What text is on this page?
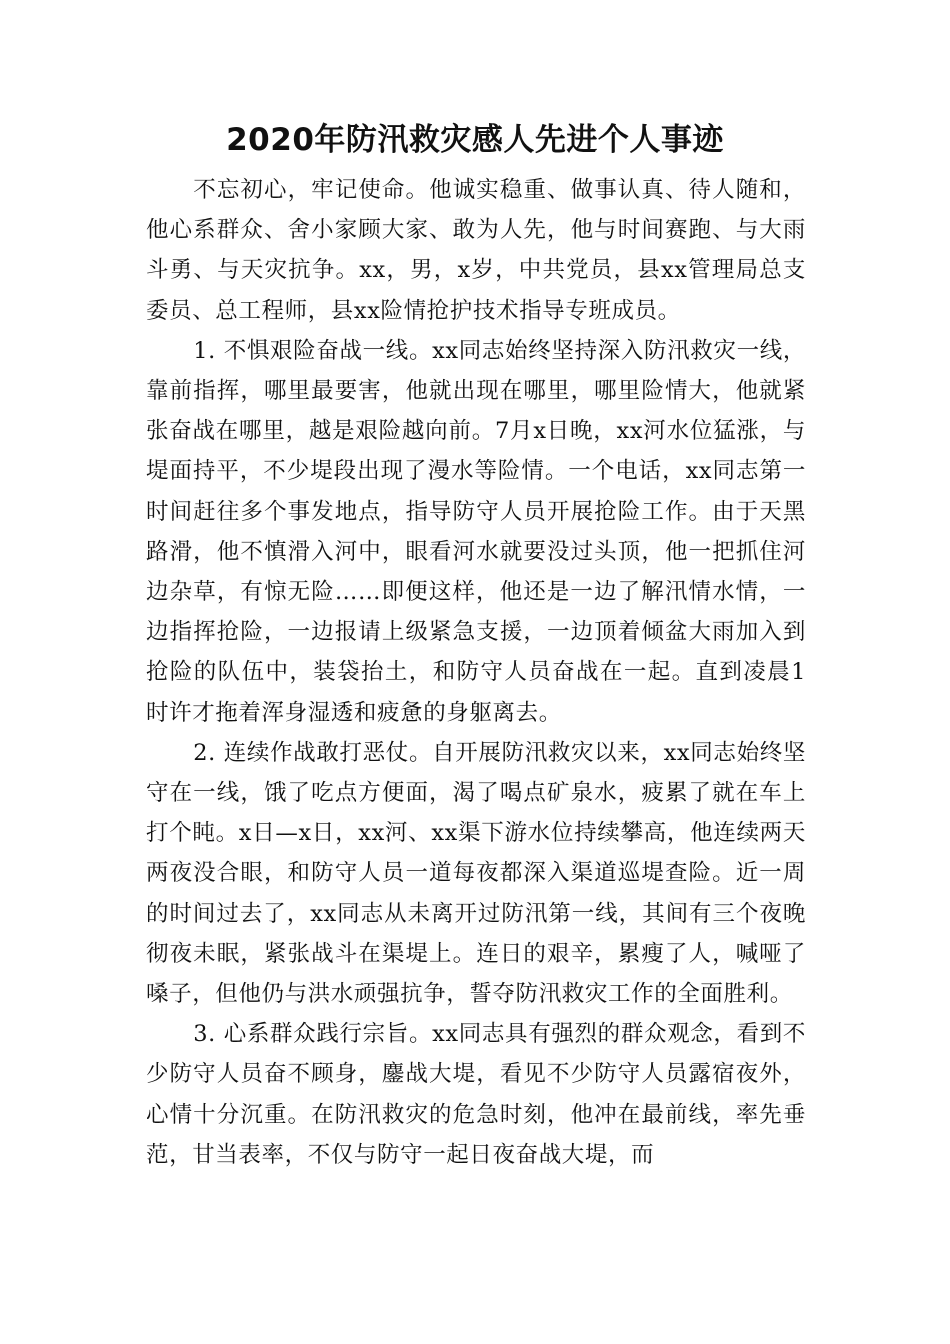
2020年防汛救灾感人先进个人事迹

不忘初心，牢记使命。他诚实稳重、做事认真、待人随和，他心系群众、舍小家顾大家、敢为人先，他与时间赛跑、与大雨斗勇、与天灾抗争。xx，男，x岁，中共党员，县xx管理局总支委员、总工程师，县xx险情抢护技术指导专班成员。

1. 不惧艰险奋战一线。xx同志始终坚持深入防汛救灾一线，靠前指挥，哪里最要害，他就出现在哪里，哪里险情大，他就紧张奋战在哪里，越是艰险越向前。7月x日晚，xx河水位猛涨，与堤面持平，不少堤段出现了漫水等险情。一个电话，xx同志第一时间赶往多个事发地点，指导防守人员开展抢险工作。由于天黑路滑，他不慎滑入河中，眼看河水就要没过头顶，他一把抓住河边杂草，有惊无险……即便这样，他还是一边了解汛情水情，一边指挥抢险，一边报请上级紧急支援，一边顶着倾盆大雨加入到抢险的队伍中，装袋抬土，和防守人员奋战在一起。直到凌晨1时许才拖着浑身湿透和疲惫的身躯离去。

2. 连续作战敢打恶仗。自开展防汛救灾以来，xx同志始终坚守在一线，饿了吃点方便面，渴了喝点矿泉水，疲累了就在车上打个盹。x日—x日，xx河、xx渠下游水位持续攀高，他连续两天两夜没合眼，和防守人员一道每夜都深入渠道巡堤查险。近一周的时间过去了，xx同志从未离开过防汛第一线，其间有三个夜晚彻夜未眠，紧张战斗在渠堤上。连日的艰辛，累瘦了人，喊哑了嗓子，但他仍与洪水顽强抗争，誓夺防汛救灾工作的全面胜利。

3. 心系群众践行宗旨。xx同志具有强烈的群众观念，看到不少防守人员奋不顾身，鏖战大堤，看见不少防守人员露宿夜外，心情十分沉重。在防汛救灾的危急时刻，他冲在最前线，率先垂范，甘当表率，不仅与防守一起日夜奋战大堤，而
